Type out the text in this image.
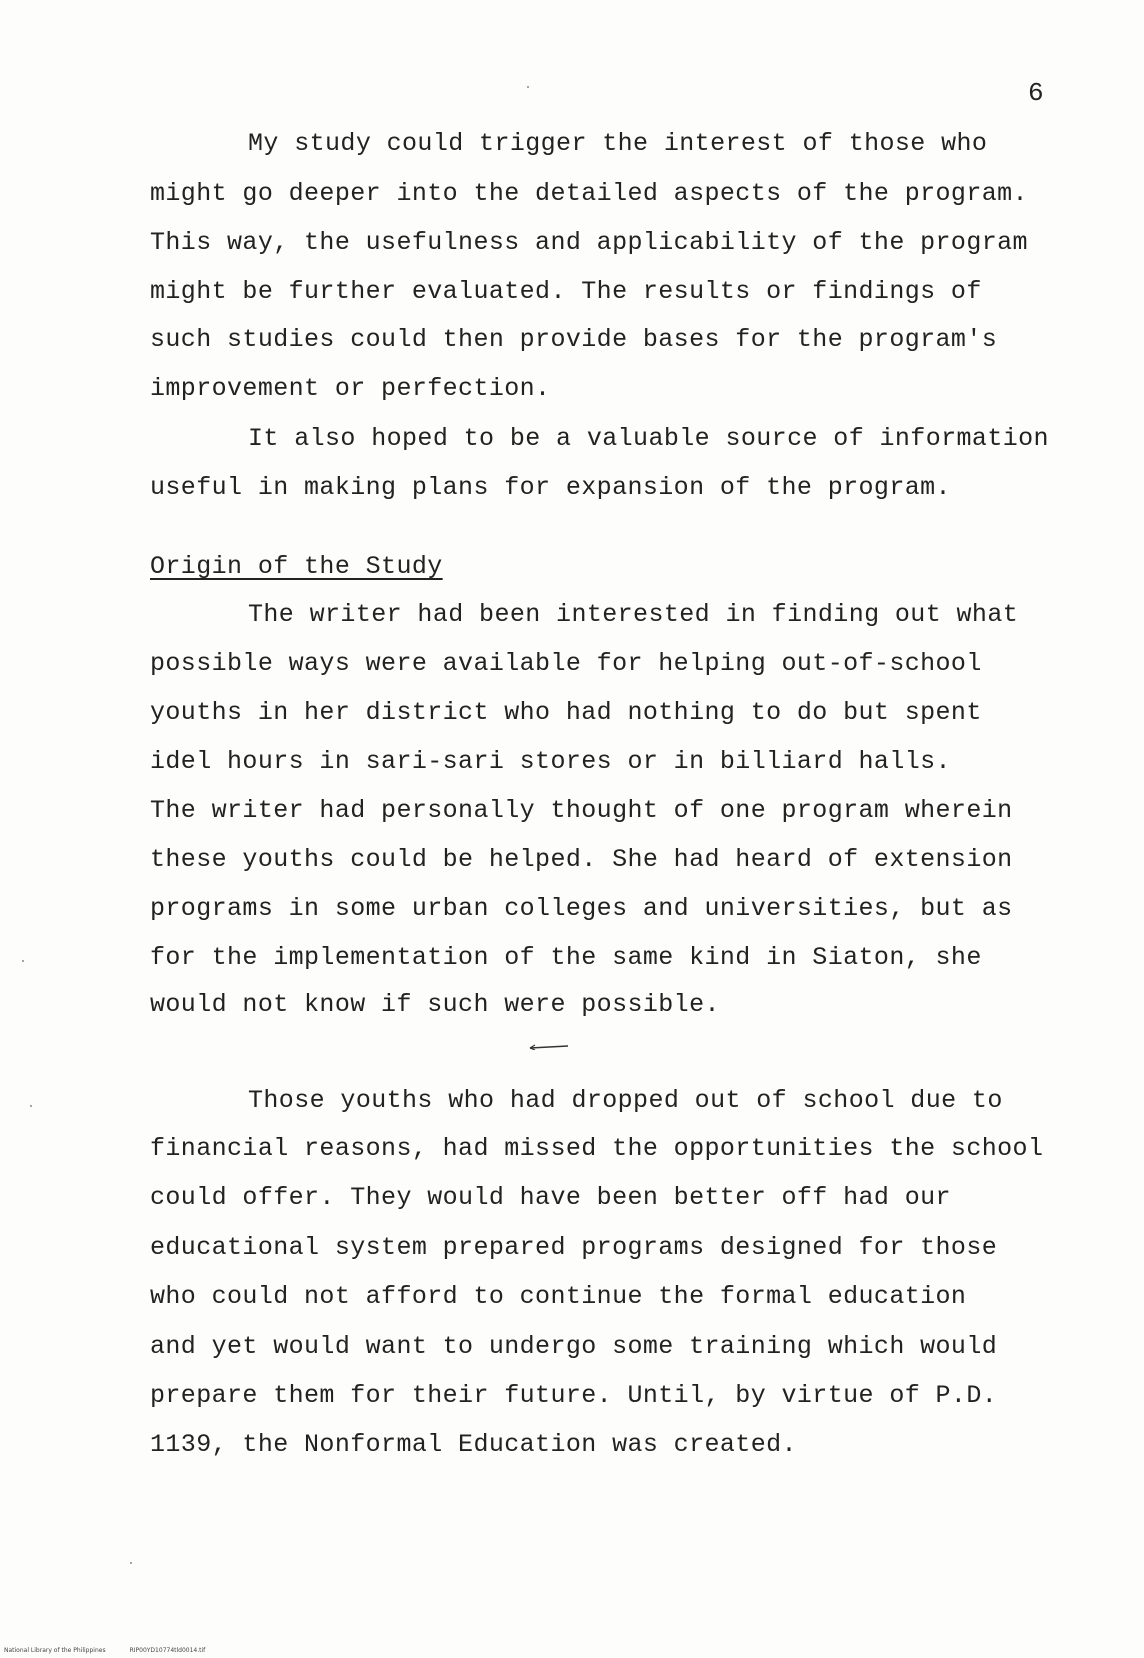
6
My study could trigger the interest of those who
might go deeper into the detailed aspects of the program.
This way, the usefulness and applicability of the program
might be further evaluated. The results or findings of
such studies could then provide bases for the program's
improvement or perfection.
It also hoped to be a valuable source of information
useful in making plans for expansion of the program.
The writer had been interested in finding out what
possible ways were available for helping out-of-school
youths in her district who had nothing to do but spent
idel hours in sari-sari stores or in billiard halls.
The writer had personally thought of one program wherein
these youths could be helped. She had heard of extension
programs in some urban colleges and universities, but as
for the implementation of the same kind in Siaton, she
would not know if such were possible.
Those youths who had dropped out of school due to
financial reasons, had missed the opportunities the school
could offer. They would have been better off had our
educational system prepared programs designed for those
who could not afford to continue the formal education
and yet would want to undergo some training which would
prepare them for their future. Until, by virtue of P.D.
1139, the Nonformal Education was created.
Origin of the Study
National Library of the Philippines	RIP00YD10774tld0014.tif
